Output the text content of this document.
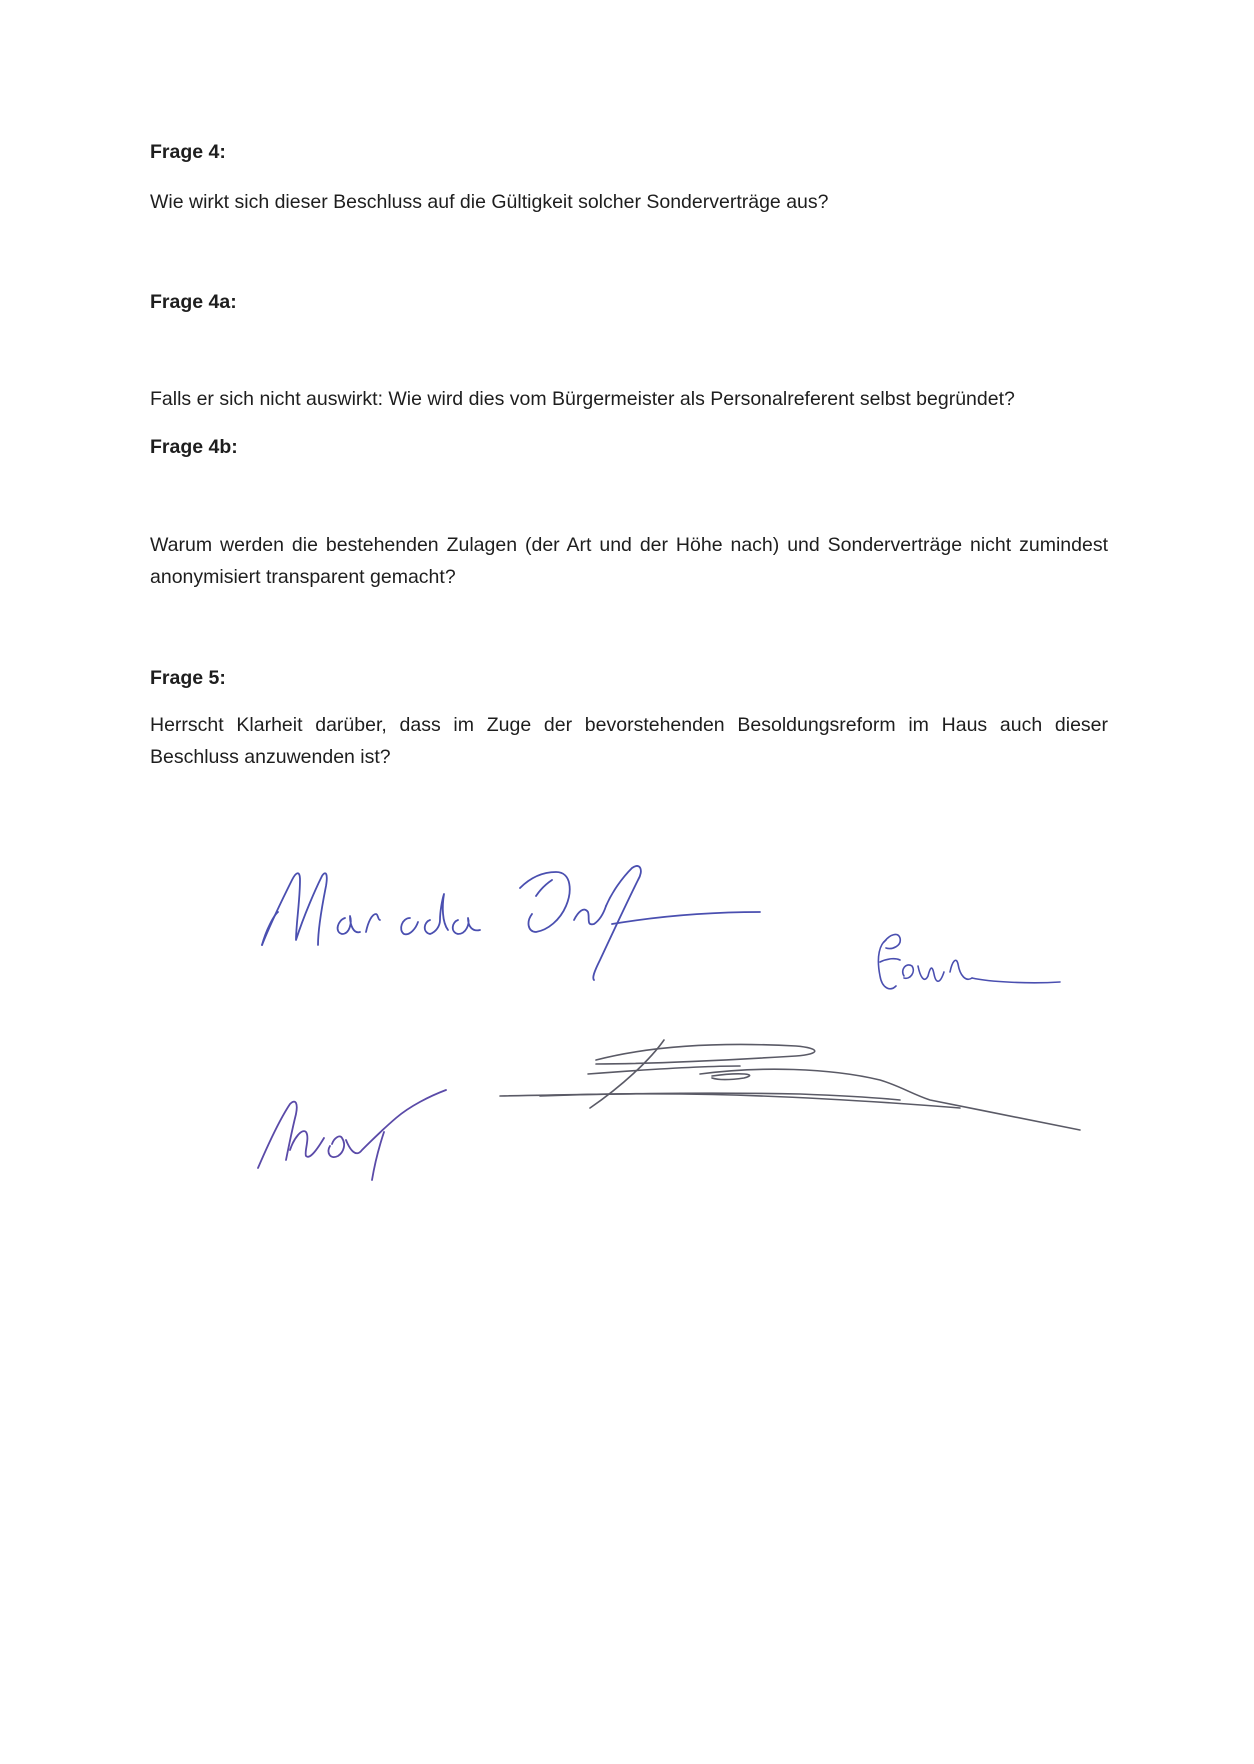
Frage 4:
Wie wirkt sich dieser Beschluss auf die Gültigkeit solcher Sonderverträge aus?
Frage 4a:
Falls er sich nicht auswirkt: Wie wird dies vom Bürgermeister als Personalreferent selbst begründet?
Frage 4b:
Warum werden die bestehenden Zulagen (der Art und der Höhe nach) und Sonderverträge nicht zumindest anonymisiert transparent gemacht?
Frage 5:
Herrscht Klarheit darüber, dass im Zuge der bevorstehenden Besoldungsreform im Haus auch dieser Beschluss anzuwenden ist?
